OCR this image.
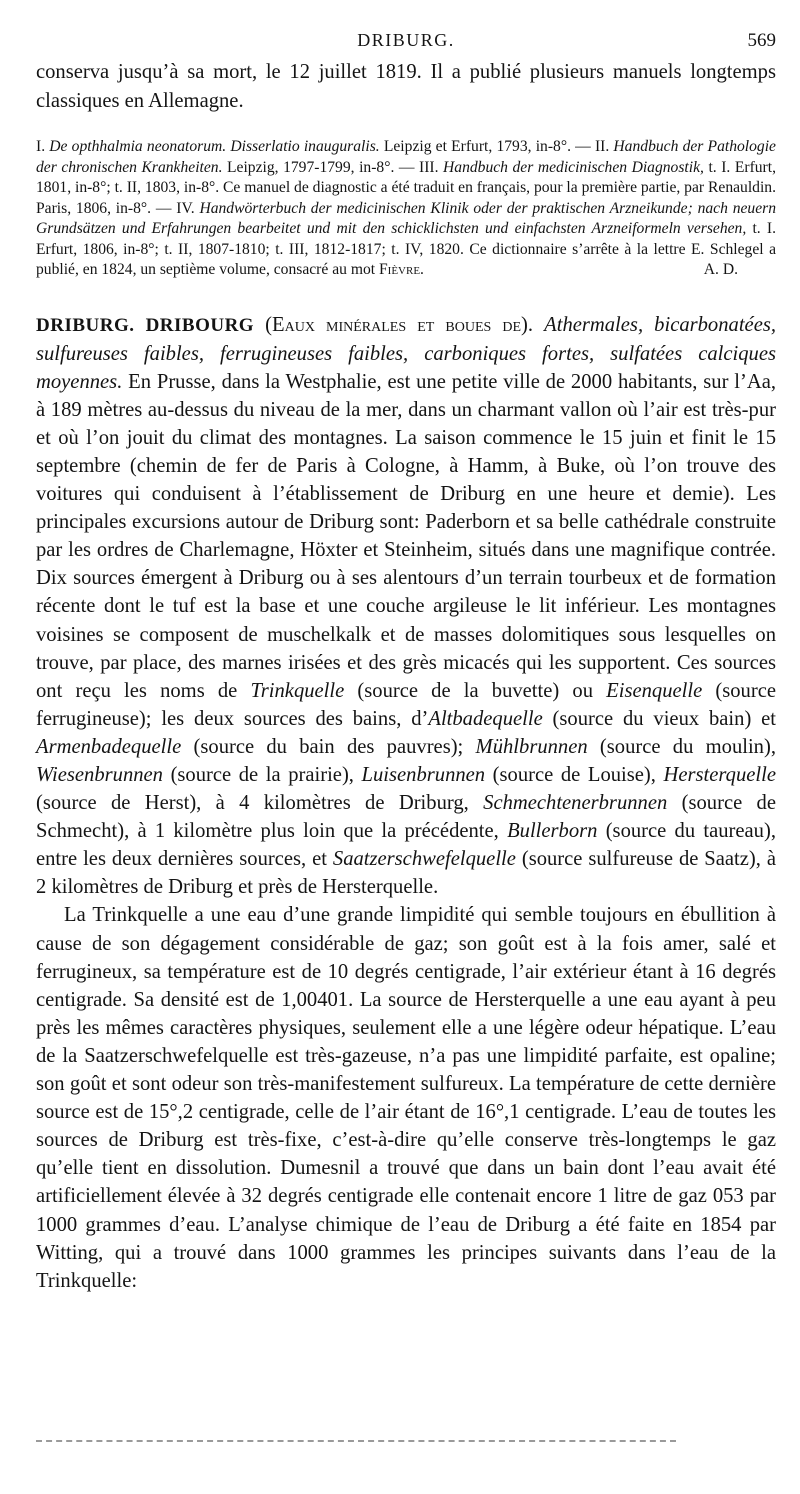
DRIBURG.	569

conserva jusqu’à sa mort, le 12 juillet 1819. Il a publié plusieurs manuels longtemps classiques en Allemagne.

I. De opthhalmia neonatorum. Disserlatio inauguralis. Leipzig et Erfurt, 1793, in-8°. — II. Handbuch der Pathologie der chronischen Krankheiten. Leipzig, 1797-1799, in-8°. — III. Handbuch der medicinischen Diagnostik, t. I. Erfurt, 1801, in-8°; t. II, 1803, in-8°. Ce manuel de diagnostic a été traduit en français, pour la première partie, par Renauldin. Paris, 1806, in-8°. — IV. Handwörterbuch der medicinischen Klinik oder der praktischen Arzneikunde; nach neuern Grundsätzen und Erfahrungen bearbeitet und mit den schicklichsten und einfachsten Arzneiformeln versehen, t. I. Erfurt, 1806, in-8°; t. II, 1807-1810; t. III, 1812-1817; t. IV, 1820. Ce dictionnaire s’arrête à la lettre E. Schlegel a publié, en 1824, un septième volume, consacré au mot Fièvre.	A. D.

DRIBURG. DRIBOURG (Eaux minérales et boues de). Athermales, bicarbonatées, sulfureuses faibles, ferrugineuses faibles, carboniques fortes, sulfatées calciques moyennes. En Prusse, dans la Westphalie, est une petite ville de 2000 habitants, sur l’Aa, à 189 mètres au-dessus du niveau de la mer, dans un charmant vallon où l’air est très-pur et où l’on jouit du climat des montagnes. La saison commence le 15 juin et finit le 15 septembre (chemin de fer de Paris à Cologne, à Hamm, à Buke, où l’on trouve des voitures qui conduisent à l’établissement de Driburg en une heure et demie). Les principales excursions autour de Driburg sont: Paderborn et sa belle cathédrale construite par les ordres de Charlemagne, Höxter et Steinheim, situés dans une magnifique contrée. Dix sources émergent à Driburg ou à ses alentours d’un terrain tourbeux et de formation récente dont le tuf est la base et une couche argileuse le lit inférieur. Les montagnes voisines se composent de muschelkalk et de masses dolomitiques sous lesquelles on trouve, par place, des marnes irisées et des grès micacés qui les supportent. Ces sources ont reçu les noms de Trinkquelle (source de la buvette) ou Eisenquelle (source ferrugineuse); les deux sources des bains, d’Altbadequelle (source du vieux bain) et Armenbadequelle (source du bain des pauvres); Mühlbrunnen (source du moulin), Wiesenbrunnen (source de la prairie), Luisenbrunnen (source de Louise), Hersterquelle (source de Herst), à 4 kilomètres de Driburg, Schmechtenerbrunnen (source de Schmecht), à 1 kilomètre plus loin que la précédente, Bullerborn (source du taureau), entre les deux dernières sources, et Saatzerschwefelquelle (source sulfureuse de Saatz), à 2 kilomètres de Driburg et près de Hersterquelle.

La Trinkquelle a une eau d’une grande limpidité qui semble toujours en ébullition à cause de son dégagement considérable de gaz; son goût est à la fois amer, salé et ferrugineux, sa température est de 10 degrés centigrade, l’air extérieur étant à 16 degrés centigrade. Sa densité est de 1,00401. La source de Hersterquelle a une eau ayant à peu près les mêmes caractères physiques, seulement elle a une légère odeur hépatique. L’eau de la Saatzerschwefelquelle est très-gazeuse, n’a pas une limpidité parfaite, est opaline; son goût et sont odeur son très-manifestement sulfureux. La température de cette dernière source est de 15°,2 centigrade, celle de l’air étant de 16°,1 centigrade. L’eau de toutes les sources de Driburg est très-fixe, c’est-à-dire qu’elle conserve très-longtemps le gaz qu’elle tient en dissolution. Dumesnil a trouvé que dans un bain dont l’eau avait été artificiellement élevée à 32 degrés centigrade elle contenait encore 1 litre de gaz 053 par 1000 grammes d’eau. L’analyse chimique de l’eau de Driburg a été faite en 1854 par Witting, qui a trouvé dans 1000 grammes les principes suivants dans l’eau de la Trinkquelle:
